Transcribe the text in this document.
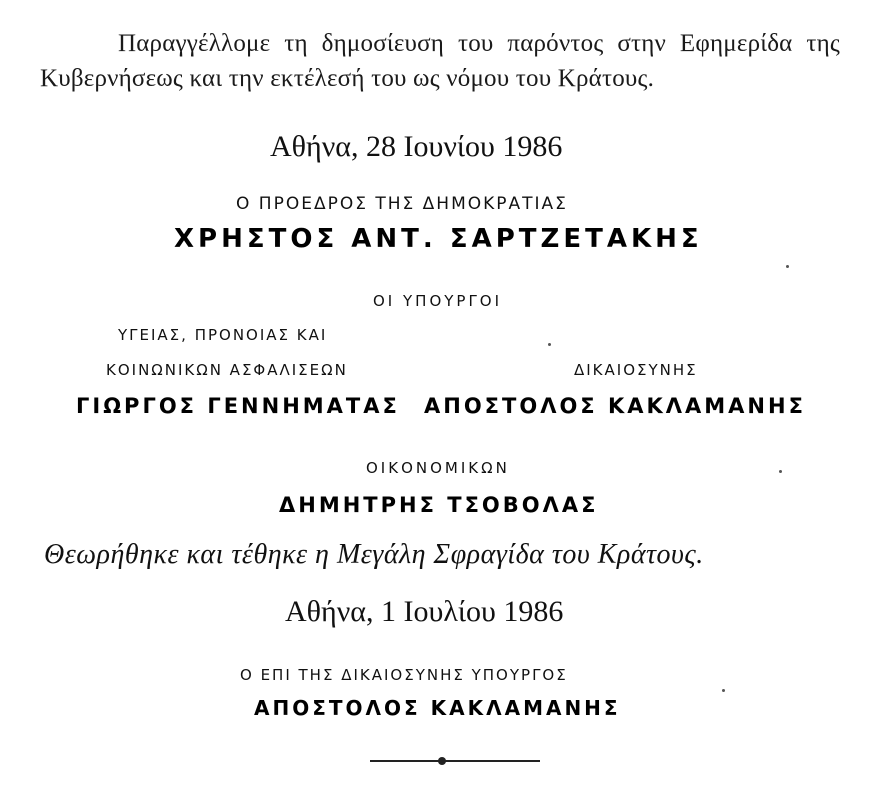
Παραγγέλλομε τη δημοσίευση του παρόντος στην Εφημερίδα της Κυβερνήσεως και την εκτέλεσή του ως νόμου του Κράτους.
Αθήνα, 28 Ιουνίου 1986
Ο ΠΡΟΕΔΡΟΣ ΤΗΣ ΔΗΜΟΚΡΑΤΙΑΣ
ΧΡΗΣΤΟΣ ΑΝΤ. ΣΑΡΤΖΕΤΑΚΗΣ
ΟΙ ΥΠΟΥΡΓΟΙ
ΥΓΕΙΑΣ, ΠΡΟΝΟΙΑΣ ΚΑΙ
ΚΟΙΝΩΝΙΚΩΝ ΑΣΦΑΛΙΣΕΩΝ	ΔΙΚΑΙΟΣΥΝΗΣ
ΓΙΩΡΓΟΣ ΓΕΝΝΗΜΑΤΑΣ ΑΠΟΣΤΟΛΟΣ ΚΑΚΛΑΜΑΝΗΣ
ΟΙΚΟΝΟΜΙΚΩΝ
ΔΗΜΗΤΡΗΣ ΤΣΟΒΟΛΑΣ
Θεωρήθηκε και τέθηκε η Μεγάλη Σφραγίδα του Κράτους.
Αθήνα, 1 Ιουλίου 1986
Ο ΕΠΙ ΤΗΣ ΔΙΚΑΙΟΣΥΝΗΣ ΥΠΟΥΡΓΟΣ
ΑΠΟΣΤΟΛΟΣ ΚΑΚΛΑΜΑΝΗΣ
